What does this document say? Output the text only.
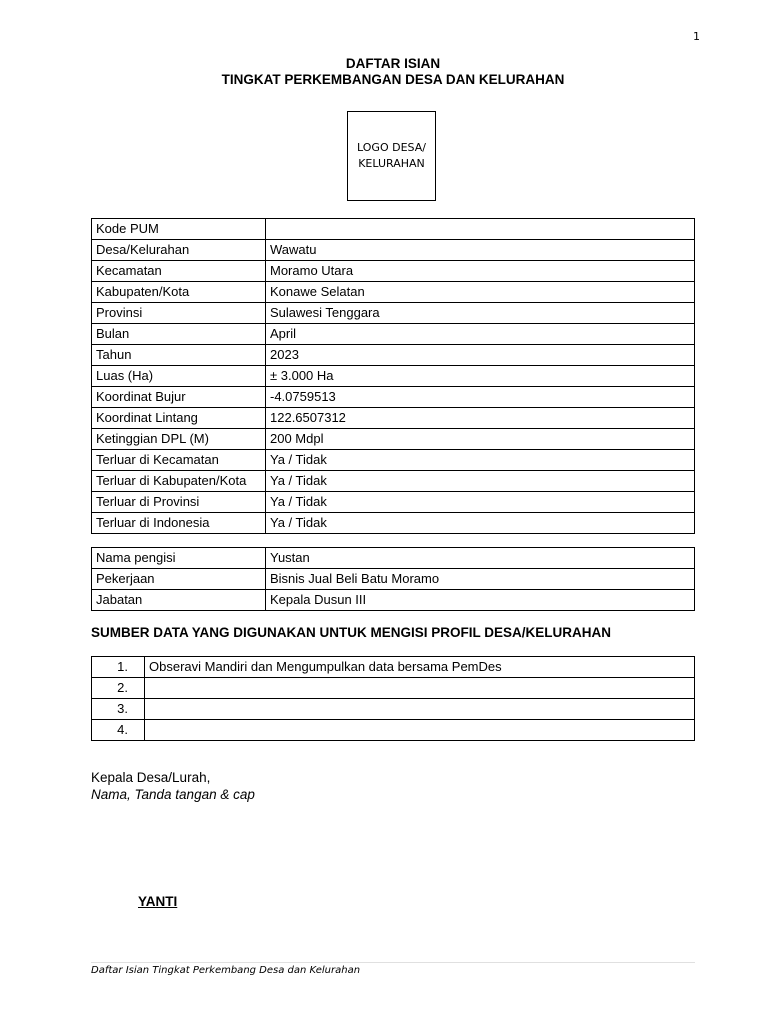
1
DAFTAR ISIAN
TINGKAT PERKEMBANGAN DESA DAN KELURAHAN
LOGO DESA/
KELURAHAN
Kode PUM	
Desa/Kelurahan	Wawatu
Kecamatan	Moramo Utara
Kabupaten/Kota	Konawe Selatan
Provinsi	Sulawesi Tenggara
Bulan	April
Tahun	2023
Luas (Ha)	± 3.000 Ha
Koordinat Bujur	-4.0759513
Koordinat Lintang	122.6507312
Ketinggian DPL (M)	200 Mdpl
Terluar di Kecamatan	Ya / Tidak
Terluar di Kabupaten/Kota	Ya / Tidak
Terluar di Provinsi	Ya / Tidak
Terluar di Indonesia	Ya / Tidak
Nama pengisi	Yustan
Pekerjaan	Bisnis Jual Beli Batu Moramo
Jabatan	Kepala Dusun III
SUMBER DATA YANG DIGUNAKAN UNTUK MENGISI PROFIL DESA/KELURAHAN
1.	Obseravi Mandiri dan Mengumpulkan data bersama PemDes
2.	
3.	
4.	
Kepala Desa/Lurah,
Nama, Tanda tangan & cap
YANTI
Daftar Isian Tingkat Perkembang Desa dan Kelurahan
